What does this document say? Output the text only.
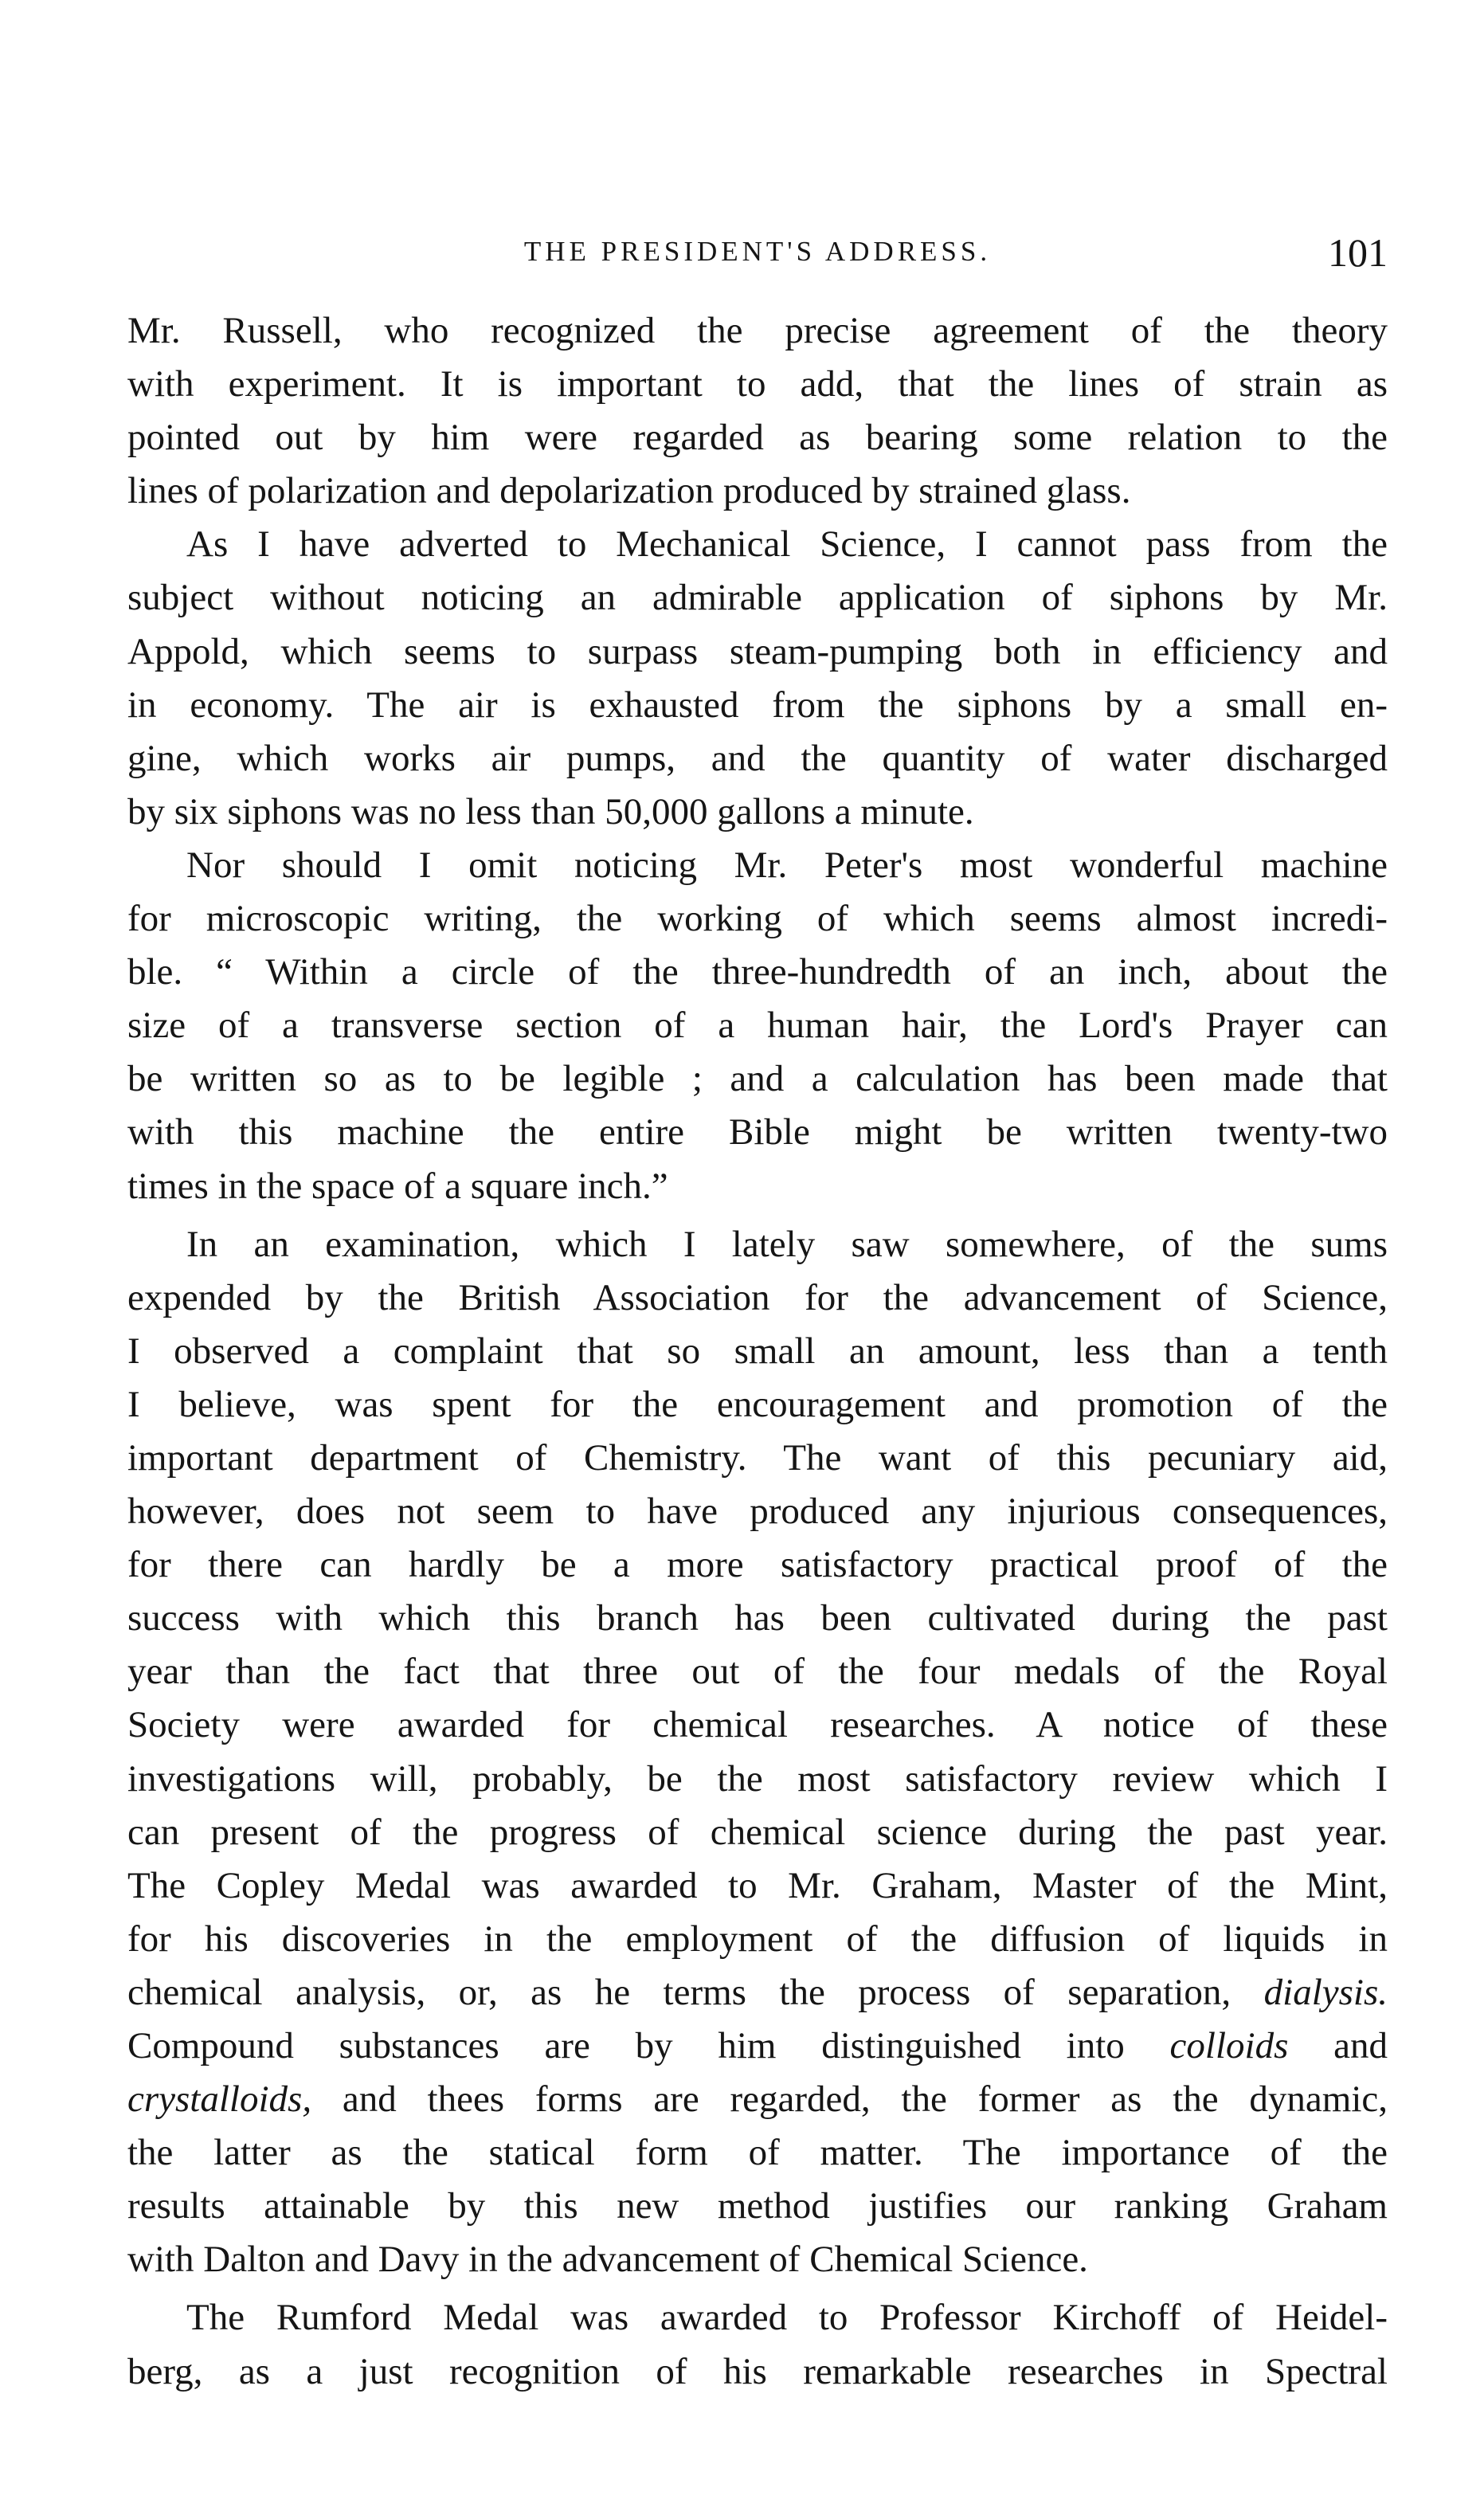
THE PRESIDENT'S ADDRESS.	101
Mr. Russell, who recognized the precise agreement of the theory
with experiment. It is important to add, that the lines of strain as
pointed out by him were regarded as bearing some relation to the
lines of polarization and depolarization produced by strained glass.
As I have adverted to Mechanical Science, I cannot pass from the
subject without noticing an admirable application of siphons by Mr.
Appold, which seems to surpass steam-pumping both in efficiency and
in economy. The air is exhausted from the siphons by a small en-
gine, which works air pumps, and the quantity of water discharged
by six siphons was no less than 50,000 gallons a minute.
Nor should I omit noticing Mr. Peter's most wonderful machine
for microscopic writing, the working of which seems almost incredi-
ble. “ Within a circle of the three-hundredth of an inch, about the
size of a transverse section of a human hair, the Lord's Prayer can
be written so as to be legible ; and a calculation has been made that
with this machine the entire Bible might be written twenty-two
times in the space of a square inch.”
In an examination, which I lately saw somewhere, of the sums
expended by the British Association for the advancement of Science,
I observed a complaint that so small an amount, less than a tenth
I believe, was spent for the encouragement and promotion of the
important department of Chemistry. The want of this pecuniary aid,
however, does not seem to have produced any injurious consequences,
for there can hardly be a more satisfactory practical proof of the
success with which this branch has been cultivated during the past
year than the fact that three out of the four medals of the Royal
Society were awarded for chemical researches. A notice of these
investigations will, probably, be the most satisfactory review which I
can present of the progress of chemical science during the past year.
The Copley Medal was awarded to Mr. Graham, Master of the Mint,
for his discoveries in the employment of the diffusion of liquids in
chemical analysis, or, as he terms the process of separation, dialysis.
Compound substances are by him distinguished into colloids and
crystalloids, and thees forms are regarded, the former as the dynamic,
the latter as the statical form of matter. The importance of the
results attainable by this new method justifies our ranking Graham
with Dalton and Davy in the advancement of Chemical Science.
The Rumford Medal was awarded to Professor Kirchoff of Heidel-
berg, as a just recognition of his remarkable researches in Spectral
